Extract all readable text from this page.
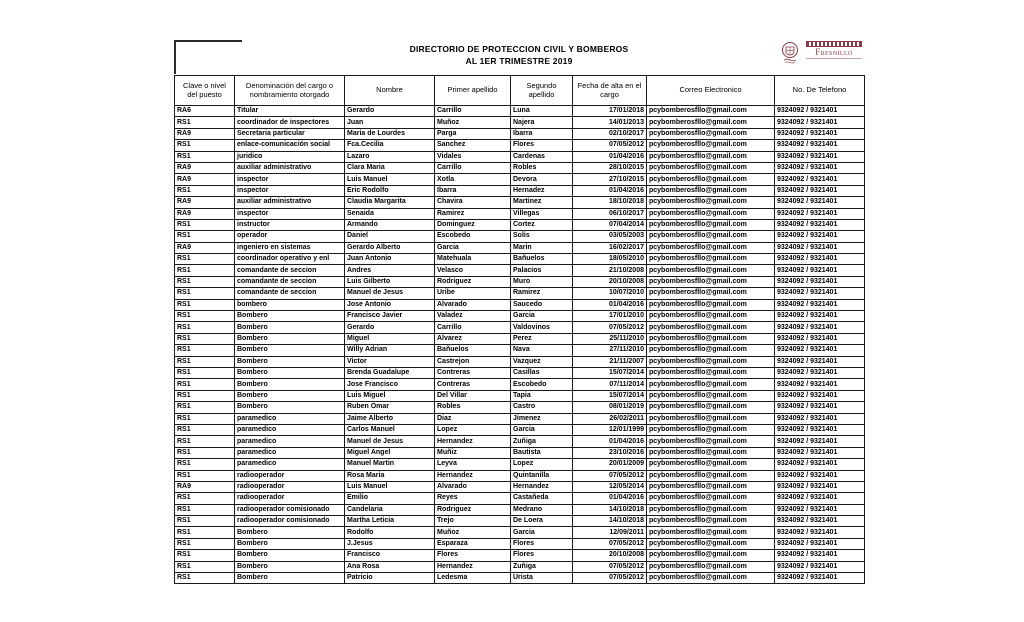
DIRECTORIO DE PROTECCION CIVIL Y BOMBEROS
AL 1ER TRIMESTRE 2019
Fresnillo
Clave o nivel del puesto	Denominación del cargo o nombramiento otorgado	Nombre	Primer apellido	Segundo apellido	Fecha de alta en el cargo	Correo Electronico	No. De Telefono
RA6	Titular	Gerardo	Carrillo	Luna	17/01/2018	pcybomberosfllo@gmail.com	9324092 / 9321401
RS1	coordinador de inspectores	Juan	Muñoz	Najera	14/01/2013	pcybomberosfllo@gmail.com	9324092 / 9321401
RA9	Secretaria particular	Maria de Lourdes	Parga	Ibarra	02/10/2017	pcybomberosfllo@gmail.com	9324092 / 9321401
RS1	enlace-comunicación social	Fca.Cecilia	Sanchez	Flores	07/05/2012	pcybomberosfllo@gmail.com	9324092 / 9321401
RS1	juridico	Lazaro	Vidales	Cardenas	01/04/2016	pcybomberosfllo@gmail.com	9324092 / 9321401
RA9	auxiliar administrativo	Clara Maria	Carrillo	Robles	28/10/2015	pcybomberosfllo@gmail.com	9324092 / 9321401
RA9	inspector	Luis Manuel	Xotla	Devora	27/10/2015	pcybomberosfllo@gmail.com	9324092 / 9321401
RS1	inspector	Eric Rodolfo	Ibarra	Hernadez	01/04/2016	pcybomberosfllo@gmail.com	9324092 / 9321401
RA9	auxiliar administrativo	Claudia Margarita	Chavira	Martinez	18/10/2018	pcybomberosfllo@gmail.com	9324092 / 9321401
RA9	inspector	Senaida	Ramirez	Villegas	06/10/2017	pcybomberosfllo@gmail.com	9324092 / 9321401
RS1	instructor	Armando	Dominguez	Cortez	07/04/2014	pcybomberosfllo@gmail.com	9324092 / 9321401
RS1	operador	Daniel	Escobedo	Solis	03/05/2003	pcybomberosfllo@gmail.com	9324092 / 9321401
RA9	ingeniero en sistemas	Gerardo Alberto	Garcia	Marin	16/02/2017	pcybomberosfllo@gmail.com	9324092 / 9321401
RS1	coordinador operativo y enl	Juan Antonio	Matehuala	Bañuelos	18/05/2010	pcybomberosfllo@gmail.com	9324092 / 9321401
RS1	comandante de seccion	Andres	Velasco	Palacios	21/10/2008	pcybomberosfllo@gmail.com	9324092 / 9321401
RS1	comandante de seccion	Luis Gilberto	Rodriguez	Muro	20/10/2008	pcybomberosfllo@gmail.com	9324092 / 9321401
RS1	comandante de seccion	Manuel de Jesus	Uribe	Ramirez	10/07/2010	pcybomberosfllo@gmail.com	9324092 / 9321401
RS1	bombero	Jose Antonio	Alvarado	Saucedo	01/04/2016	pcybomberosfllo@gmail.com	9324092 / 9321401
RS1	Bombero	Francisco Javier	Valadez	Garcia	17/01/2010	pcybomberosfllo@gmail.com	9324092 / 9321401
RS1	Bombero	Gerardo	Carrillo	Valdovinos	07/05/2012	pcybomberosfllo@gmail.com	9324092 / 9321401
RS1	Bombero	Miguel	Alvarez	Perez	25/11/2010	pcybomberosfllo@gmail.com	9324092 / 9321401
RS1	Bombero	Willy Adrian	Bañuelos	Nava	27/11/2010	pcybomberosfllo@gmail.com	9324092 / 9321401
RS1	Bombero	Victor	Castrejon	Vazquez	21/11/2007	pcybomberosfllo@gmail.com	9324092 / 9321401
RS1	Bombero	Brenda Guadalupe	Contreras	Casillas	15/07/2014	pcybomberosfllo@gmail.com	9324092 / 9321401
RS1	Bombero	Jose Francisco	Contreras	Escobedo	07/11/2014	pcybomberosfllo@gmail.com	9324092 / 9321401
RS1	Bombero	Luis Miguel	Del Villar	Tapia	15/07/2014	pcybomberosfllo@gmail.com	9324092 / 9321401
RS1	Bombero	Ruben Omar	Robles	Castro	08/01/2019	pcybomberosfllo@gmail.com	9324092 / 9321401
RS1	paramedico	Jaime Alberto	Diaz	Jimenez	26/02/2011	pcybomberosfllo@gmail.com	9324092 / 9321401
RS1	paramedico	Carlos Manuel	Lopez	Garcia	12/01/1999	pcybomberosfllo@gmail.com	9324092 / 9321401
RS1	paramedico	Manuel de Jesus	Hernandez	Zuñiga	01/04/2016	pcybomberosfllo@gmail.com	9324092 / 9321401
RS1	paramedico	Miguel Angel	Muñiz	Bautista	23/10/2016	pcybomberosfllo@gmail.com	9324092 / 9321401
RS1	paramedico	Manuel Martin	Leyva	Lopez	20/01/2009	pcybomberosfllo@gmail.com	9324092 / 9321401
RS1	radiooperador	Rosa Maria	Hernandez	Quintanilla	07/05/2012	pcybomberosfllo@gmail.com	9324092 / 9321401
RA9	radiooperador	Luis Manuel	Alvarado	Hernandez	12/05/2014	pcybomberosfllo@gmail.com	9324092 / 9321401
RS1	radiooperador	Emilio	Reyes	Castañeda	01/04/2016	pcybomberosfllo@gmail.com	9324092 / 9321401
RS1	radiooperador comisionado	Candelaria	Rodriguez	Medrano	14/10/2018	pcybomberosfllo@gmail.com	9324092 / 9321401
RS1	radiooperador comisionado	Martha Leticia	Trejo	De Loera	14/10/2018	pcybomberosfllo@gmail.com	9324092 / 9321401
RS1	Bombero	Rodolfo	Muñoz	Garcia	12/09/2011	pcybomberosfllo@gmail.com	9324092 / 9321401
RS1	Bombero	J.Jesus	Esparaza	Flores	07/05/2012	pcybomberosfllo@gmail.com	9324092 / 9321401
RS1	Bombero	Francisco	Flores	Flores	20/10/2008	pcybomberosfllo@gmail.com	9324092 / 9321401
RS1	Bombero	Ana Rosa	Hernandez	Zuñiga	07/05/2012	pcybomberosfllo@gmail.com	9324092 / 9321401
RS1	Bombero	Patricio	Ledesma	Urista	07/05/2012	pcybomberosfllo@gmail.com	9324092 / 9321401
